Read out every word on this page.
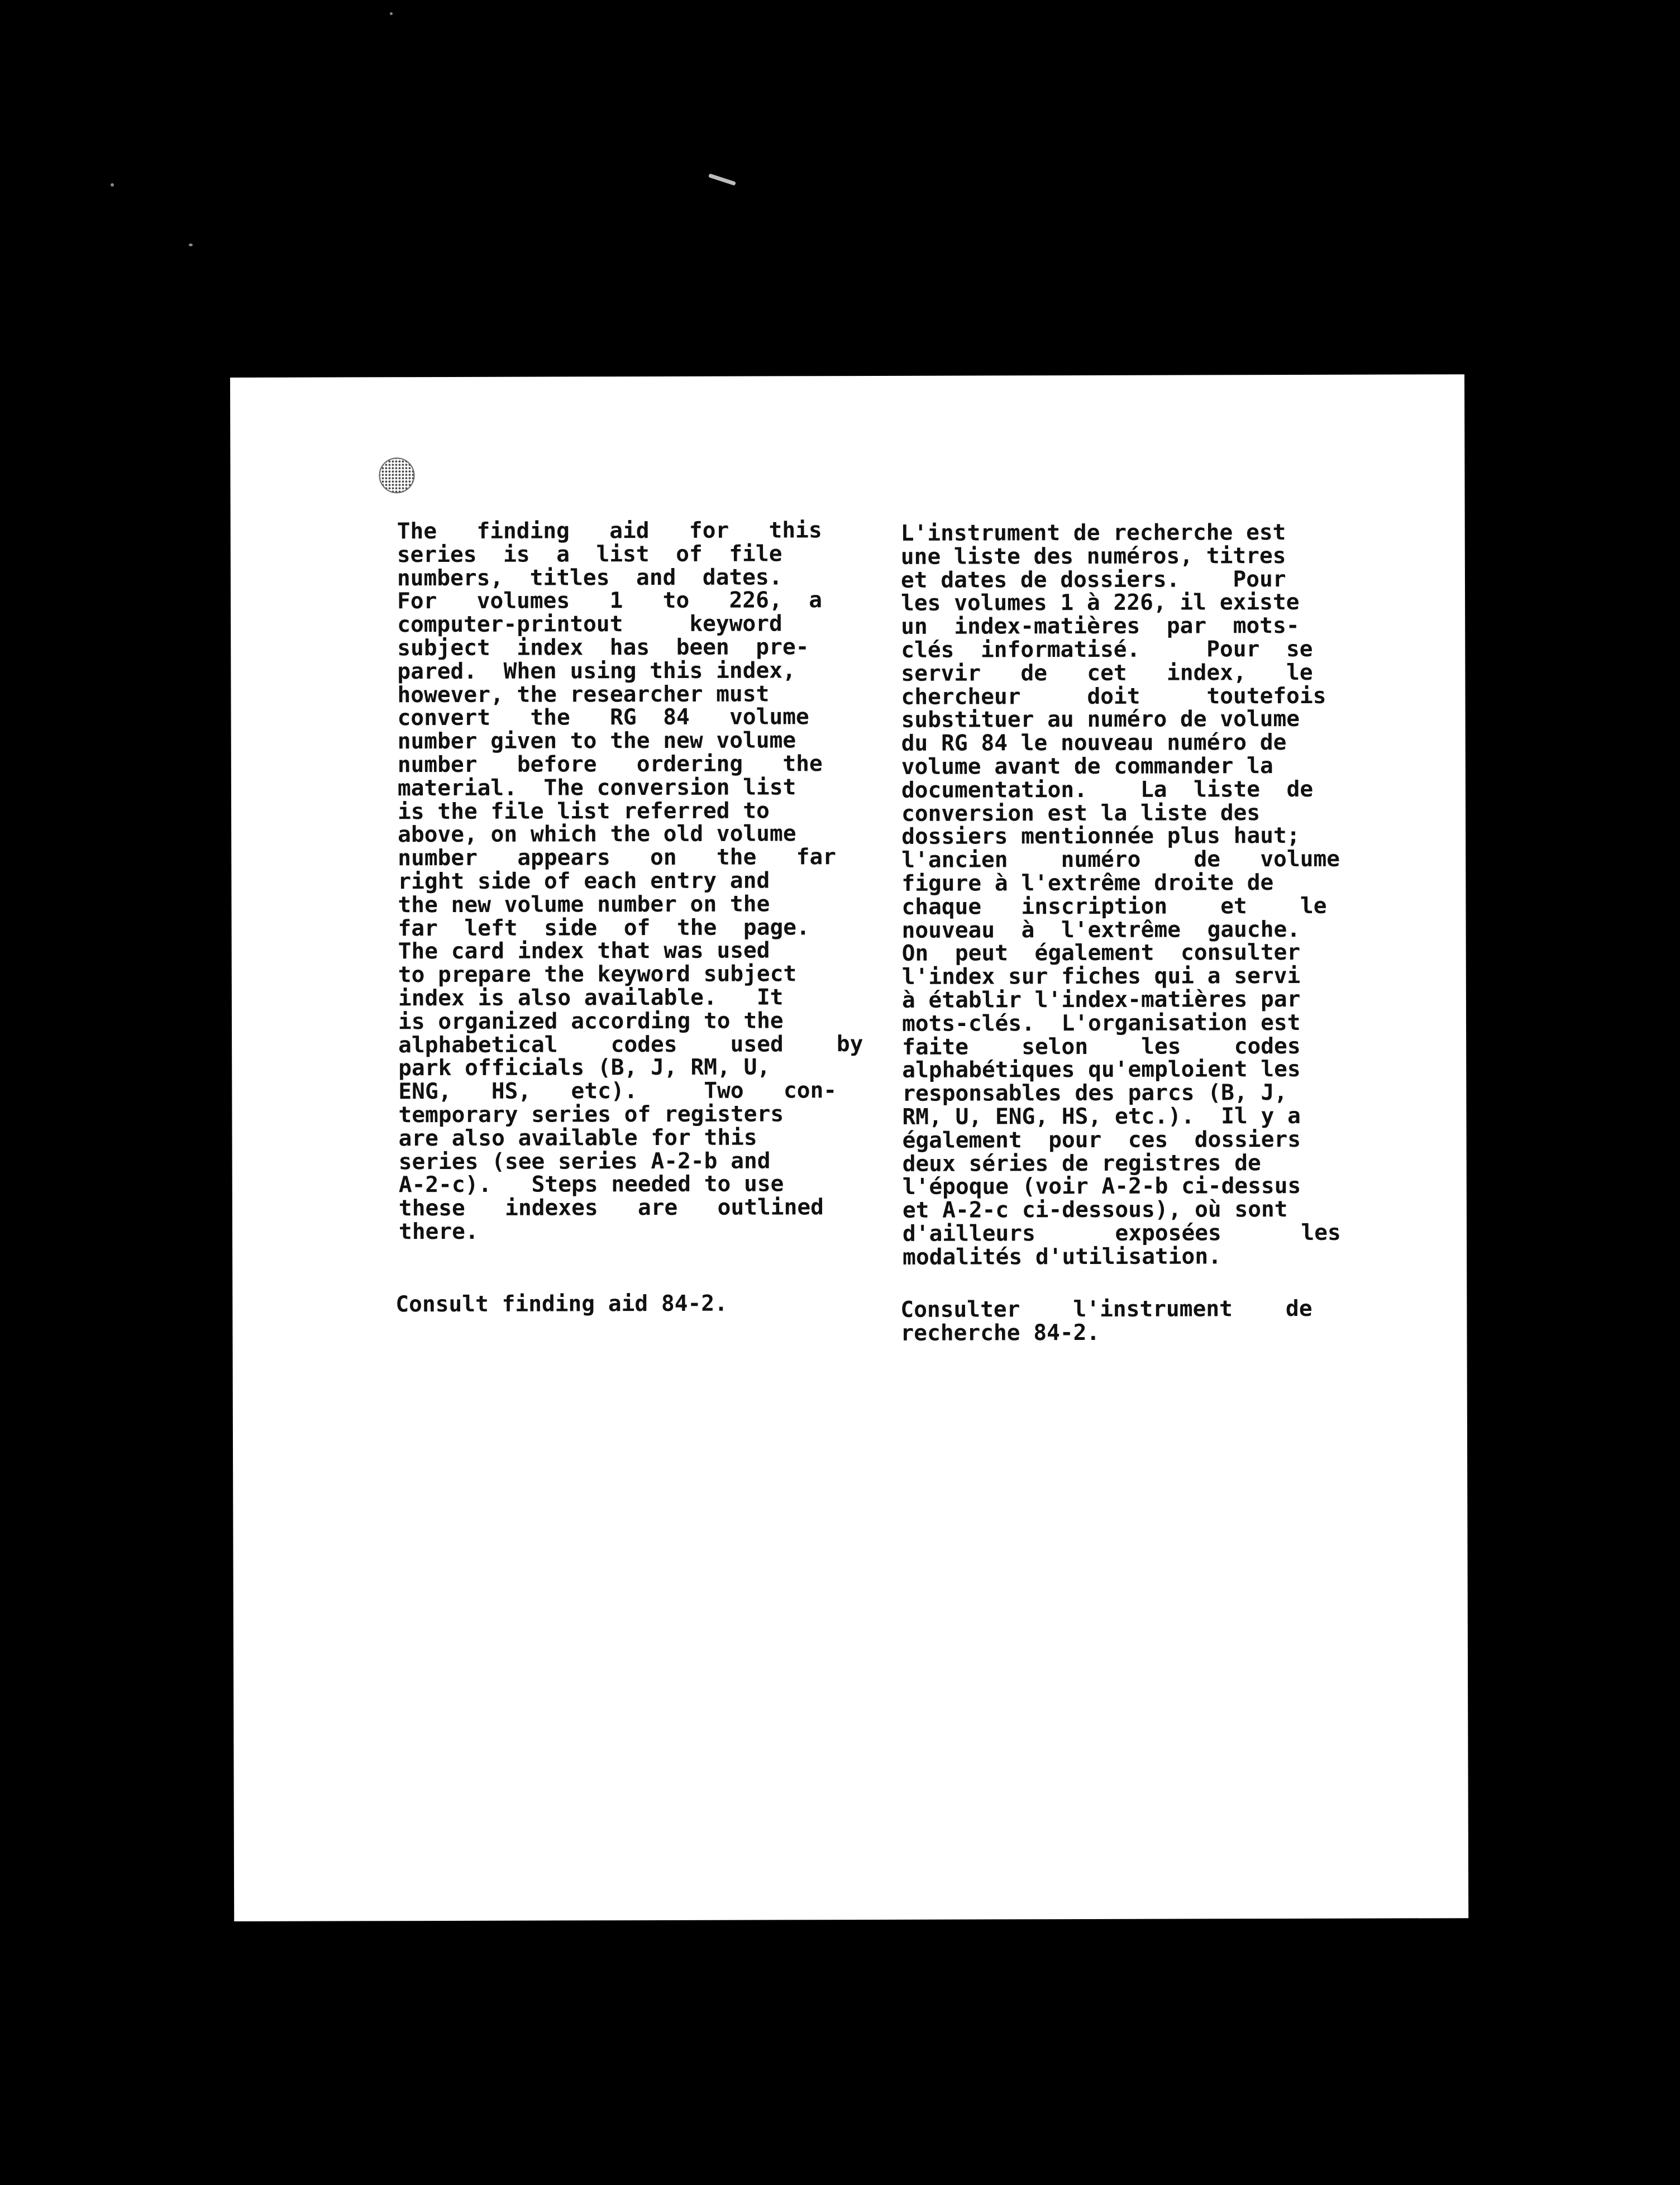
The   finding   aid   for   this
series  is  a  list  of  file
numbers,  titles  and  dates.
For   volumes   1   to   226,  a
computer-printout     keyword
subject  index  has  been  pre-
pared.  When using this index,
however, the researcher must
convert   the   RG  84   volume
number given to the new volume
number   before   ordering   the
material.  The conversion list
is the file list referred to
above, on which the old volume
number   appears   on   the   far
right side of each entry and
the new volume number on the
far  left  side  of  the  page.
The card index that was used
to prepare the keyword subject
index is also available.   It
is organized according to the
alphabetical    codes    used    by
park officials (B, J, RM, U,
ENG,   HS,   etc).     Two   con-
temporary series of registers
are also available for this
series (see series A-2-b and
A-2-c).   Steps needed to use
these   indexes   are   outlined
there.
Consult finding aid 84-2.
L'instrument de recherche est
une liste des numéros, titres
et dates de dossiers.    Pour
les volumes 1 à 226, il existe
un  index-matières  par  mots-
clés  informatisé.     Pour  se
servir   de   cet   index,   le
chercheur     doit     toutefois
substituer au numéro de volume
du RG 84 le nouveau numéro de
volume avant de commander la
documentation.    La  liste  de
conversion est la liste des
dossiers mentionnée plus haut;
l'ancien    numéro    de   volume
figure à l'extrême droite de
chaque   inscription    et    le
nouveau  à  l'extrême  gauche.
On  peut  également  consulter
l'index sur fiches qui a servi
à établir l'index-matières par
mots-clés.  L'organisation est
faite    selon    les    codes
alphabétiques qu'emploient les
responsables des parcs (B, J,
RM, U, ENG, HS, etc.).  Il y a
également  pour  ces  dossiers
deux séries de registres de
l'époque (voir A-2-b ci-dessus
et A-2-c ci-dessous), où sont
d'ailleurs      exposées      les
modalités d'utilisation.
Consulter    l'instrument    de
recherche 84-2.
